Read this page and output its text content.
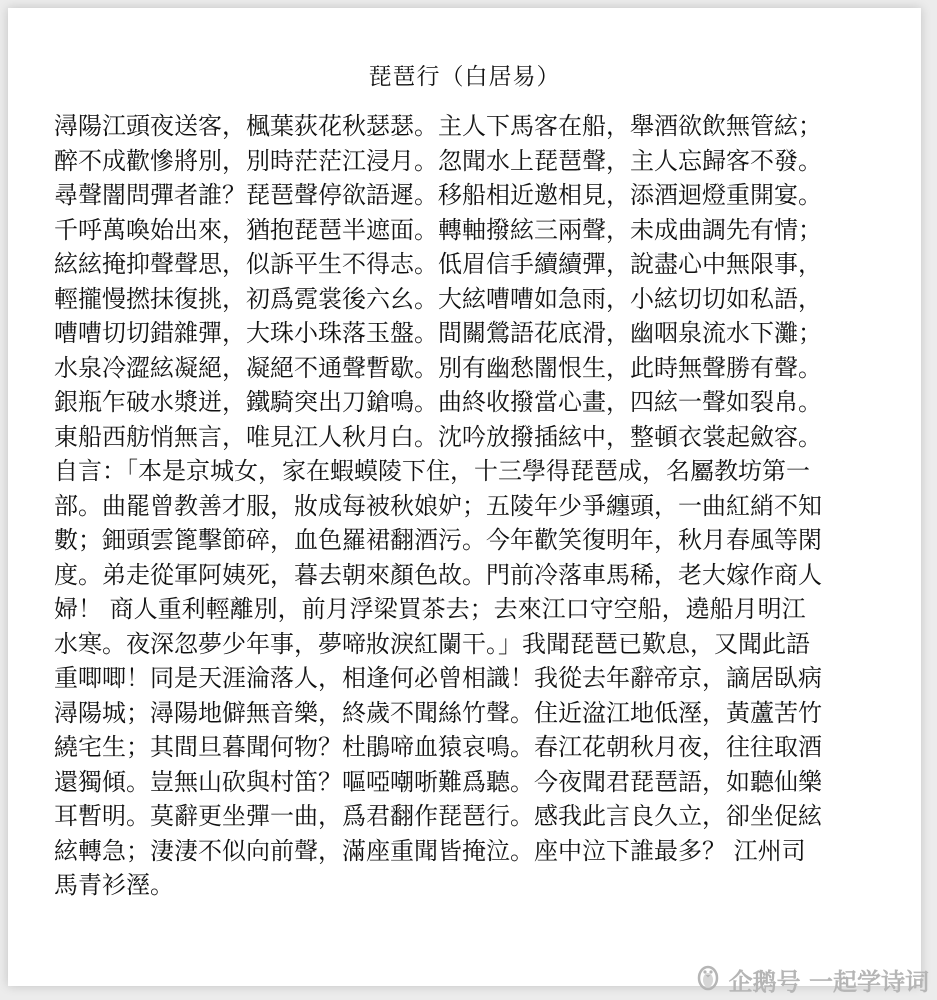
琵琶行（白居易）
潯陽江頭夜送客，楓葉荻花秋瑟瑟。主人下馬客在船，舉酒欲飲無管絃；
醉不成歡慘將別，別時茫茫江浸月。忽聞水上琵琶聲，主人忘歸客不發。
尋聲闇問彈者誰？琵琶聲停欲語遲。移船相近邀相見，添酒迴燈重開宴。
千呼萬喚始出來，猶抱琵琶半遮面。轉軸撥絃三兩聲，未成曲調先有情；
絃絃掩抑聲聲思，似訴平生不得志。低眉信手續續彈，說盡心中無限事，
輕攏慢撚抹復挑，初爲霓裳後六幺。大絃嘈嘈如急雨，小絃切切如私語，
嘈嘈切切錯雜彈，大珠小珠落玉盤。間關鶯語花底滑，幽咽泉流水下灘；
水泉冷澀絃凝絕，凝絕不通聲暫歇。別有幽愁闇恨生，此時無聲勝有聲。
銀瓶乍破水漿迸，鐵騎突出刀鎗鳴。曲終收撥當心畫，四絃一聲如裂帛。
東船西舫悄無言，唯見江人秋月白。沈吟放撥插絃中，整頓衣裳起斂容。
自言：「本是京城女，家在蝦蟆陵下住，十三學得琵琶成，名屬教坊第一
部。曲罷曾教善才服，妝成每被秋娘妒；五陵年少爭纏頭，一曲紅綃不知
數；鈿頭雲篦擊節碎，血色羅裙翻酒污。今年歡笑復明年，秋月春風等閑
度。弟走從軍阿姨死，暮去朝來顏色故。門前冷落車馬稀，老大嫁作商人
婦！ 商人重利輕離別，前月浮梁買茶去；去來江口守空船，遶船月明江
水寒。夜深忽夢少年事，夢啼妝淚紅闌干。」我聞琵琶已歎息，又聞此語
重唧唧！同是天涯淪落人，相逢何必曾相識！我從去年辭帝京，謫居臥病
潯陽城；潯陽地僻無音樂，終歲不聞絲竹聲。住近湓江地低溼，黃蘆苦竹
繞宅生；其間旦暮聞何物？杜鵑啼血猿哀鳴。春江花朝秋月夜，往往取酒
還獨傾。豈無山砍與村笛？嘔啞嘲哳難爲聽。今夜聞君琵琶語，如聽仙樂
耳暫明。莫辭更坐彈一曲，爲君翻作琵琶行。感我此言良久立，卻坐促絃
絃轉急；淒淒不似向前聲，滿座重聞皆掩泣。座中泣下誰最多？ 江州司
馬青衫溼。
企鹅号 一起学诗词
